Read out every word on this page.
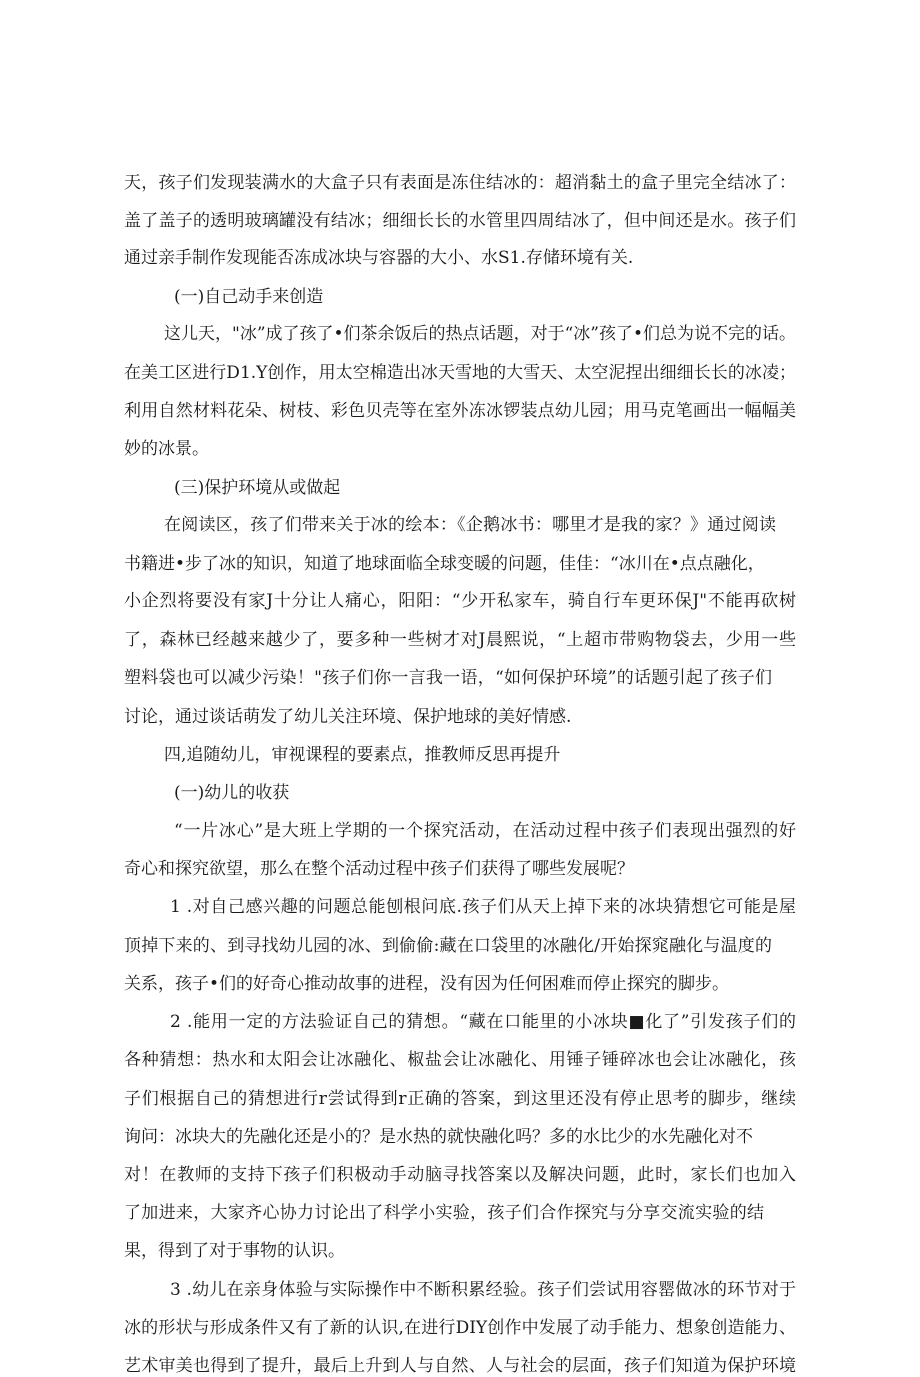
天，孩子们发现装满水的大盒子只有表面是冻住结冰的：超消黏土的盒子里完全结冰了：
盖了盖子的透明玻璃罐没有结冰；细细长长的水管里四周结冰了，但中间还是水。孩子们
通过亲手制作发现能否冻成冰块与容器的大小、水S1.存储环境有关.
(一)自己动手来创造
这儿天，"冰”成了孩了•们茶余饭后的热点话题，对于“冰”孩了•们总为说不完的话。
在美工区进行D1.Y创作，用太空棉造出冰天雪地的大雪天、太空泥捏出细细长长的冰凌；
利用自然材料花朵、树枝、彩色贝壳等在室外冻冰锣装点幼儿园；用马克笔画出一幅幅美
妙的冰景。
(三)保护环境从或做起
在阅读区，孩了们带来关于冰的绘本：《企鹅冰书：哪里才是我的家？》通过阅读
书籍进•步了冰的知识，知道了地球面临全球变暖的问题，佳佳：“冰川在•点点融化，
小企烈将要没有家J十分让人痛心，阳阳：“少开私家车，骑自行车更环保J"不能再砍树
了，森林已经越来越少了，要多种一些树才对J晨熙说，“上超市带购物袋去，少用一些
塑料袋也可以减少污染！"孩子们你一言我一语，“如何保护环境”的话题引起了孩子们
讨论，通过谈话萌发了幼儿关注环境、保护地球的美好情感.
四,追随幼儿，审视课程的要素点，推教师反思再提升
(一)幼儿的收获
“一片冰心”是大班上学期的一个探究活动，在活动过程中孩子们表现出强烈的好
奇心和探究欲望，那么在整个活动过程中孩子们获得了哪些发展呢？
1 .对自己感兴趣的问题总能刨根问底.孩子们从天上掉下来的冰块猜想它可能是屋
顶掉下来的、到寻找幼儿园的冰、到偷偷:藏在口袋里的冰融化/开始探窕融化与温度的
关系，孩子•们的好奇心推动故事的进程，没有因为任何困难而停止探究的脚步。
2 .能用一定的方法验证自己的猜想。“藏在口能里的小冰块■化了”引发孩子们的
各种猜想：热水和太阳会让冰融化、椒盐会让冰融化、用锤子锤碎冰也会让冰融化，孩
子们根据自己的猜想进行r尝试得到r正确的答案，到这里还没有停止思考的脚步，继续
询问：冰块大的先融化还是小的？是水热的就快融化吗？多的水比少的水先融化对不
对！在教师的支持下孩子们积极动手动脑寻找答案以及解决问题，此时，家长们也加入
了加进来，大家齐心协力讨论出了科学小实验，孩子们合作探究与分享交流实验的结
果，得到了对于事物的认识。
3 .幼儿在亲身体验与实际操作中不断积累经验。孩子们尝试用容罂做冰的环节对于
冰的形状与形成条件又有了新的认识,在进行DIY创作中发展了动手能力、想象创造能力、
艺术审美也得到了提升，最后上升到人与自然、人与社会的层面，孩子们知道为保护环境
